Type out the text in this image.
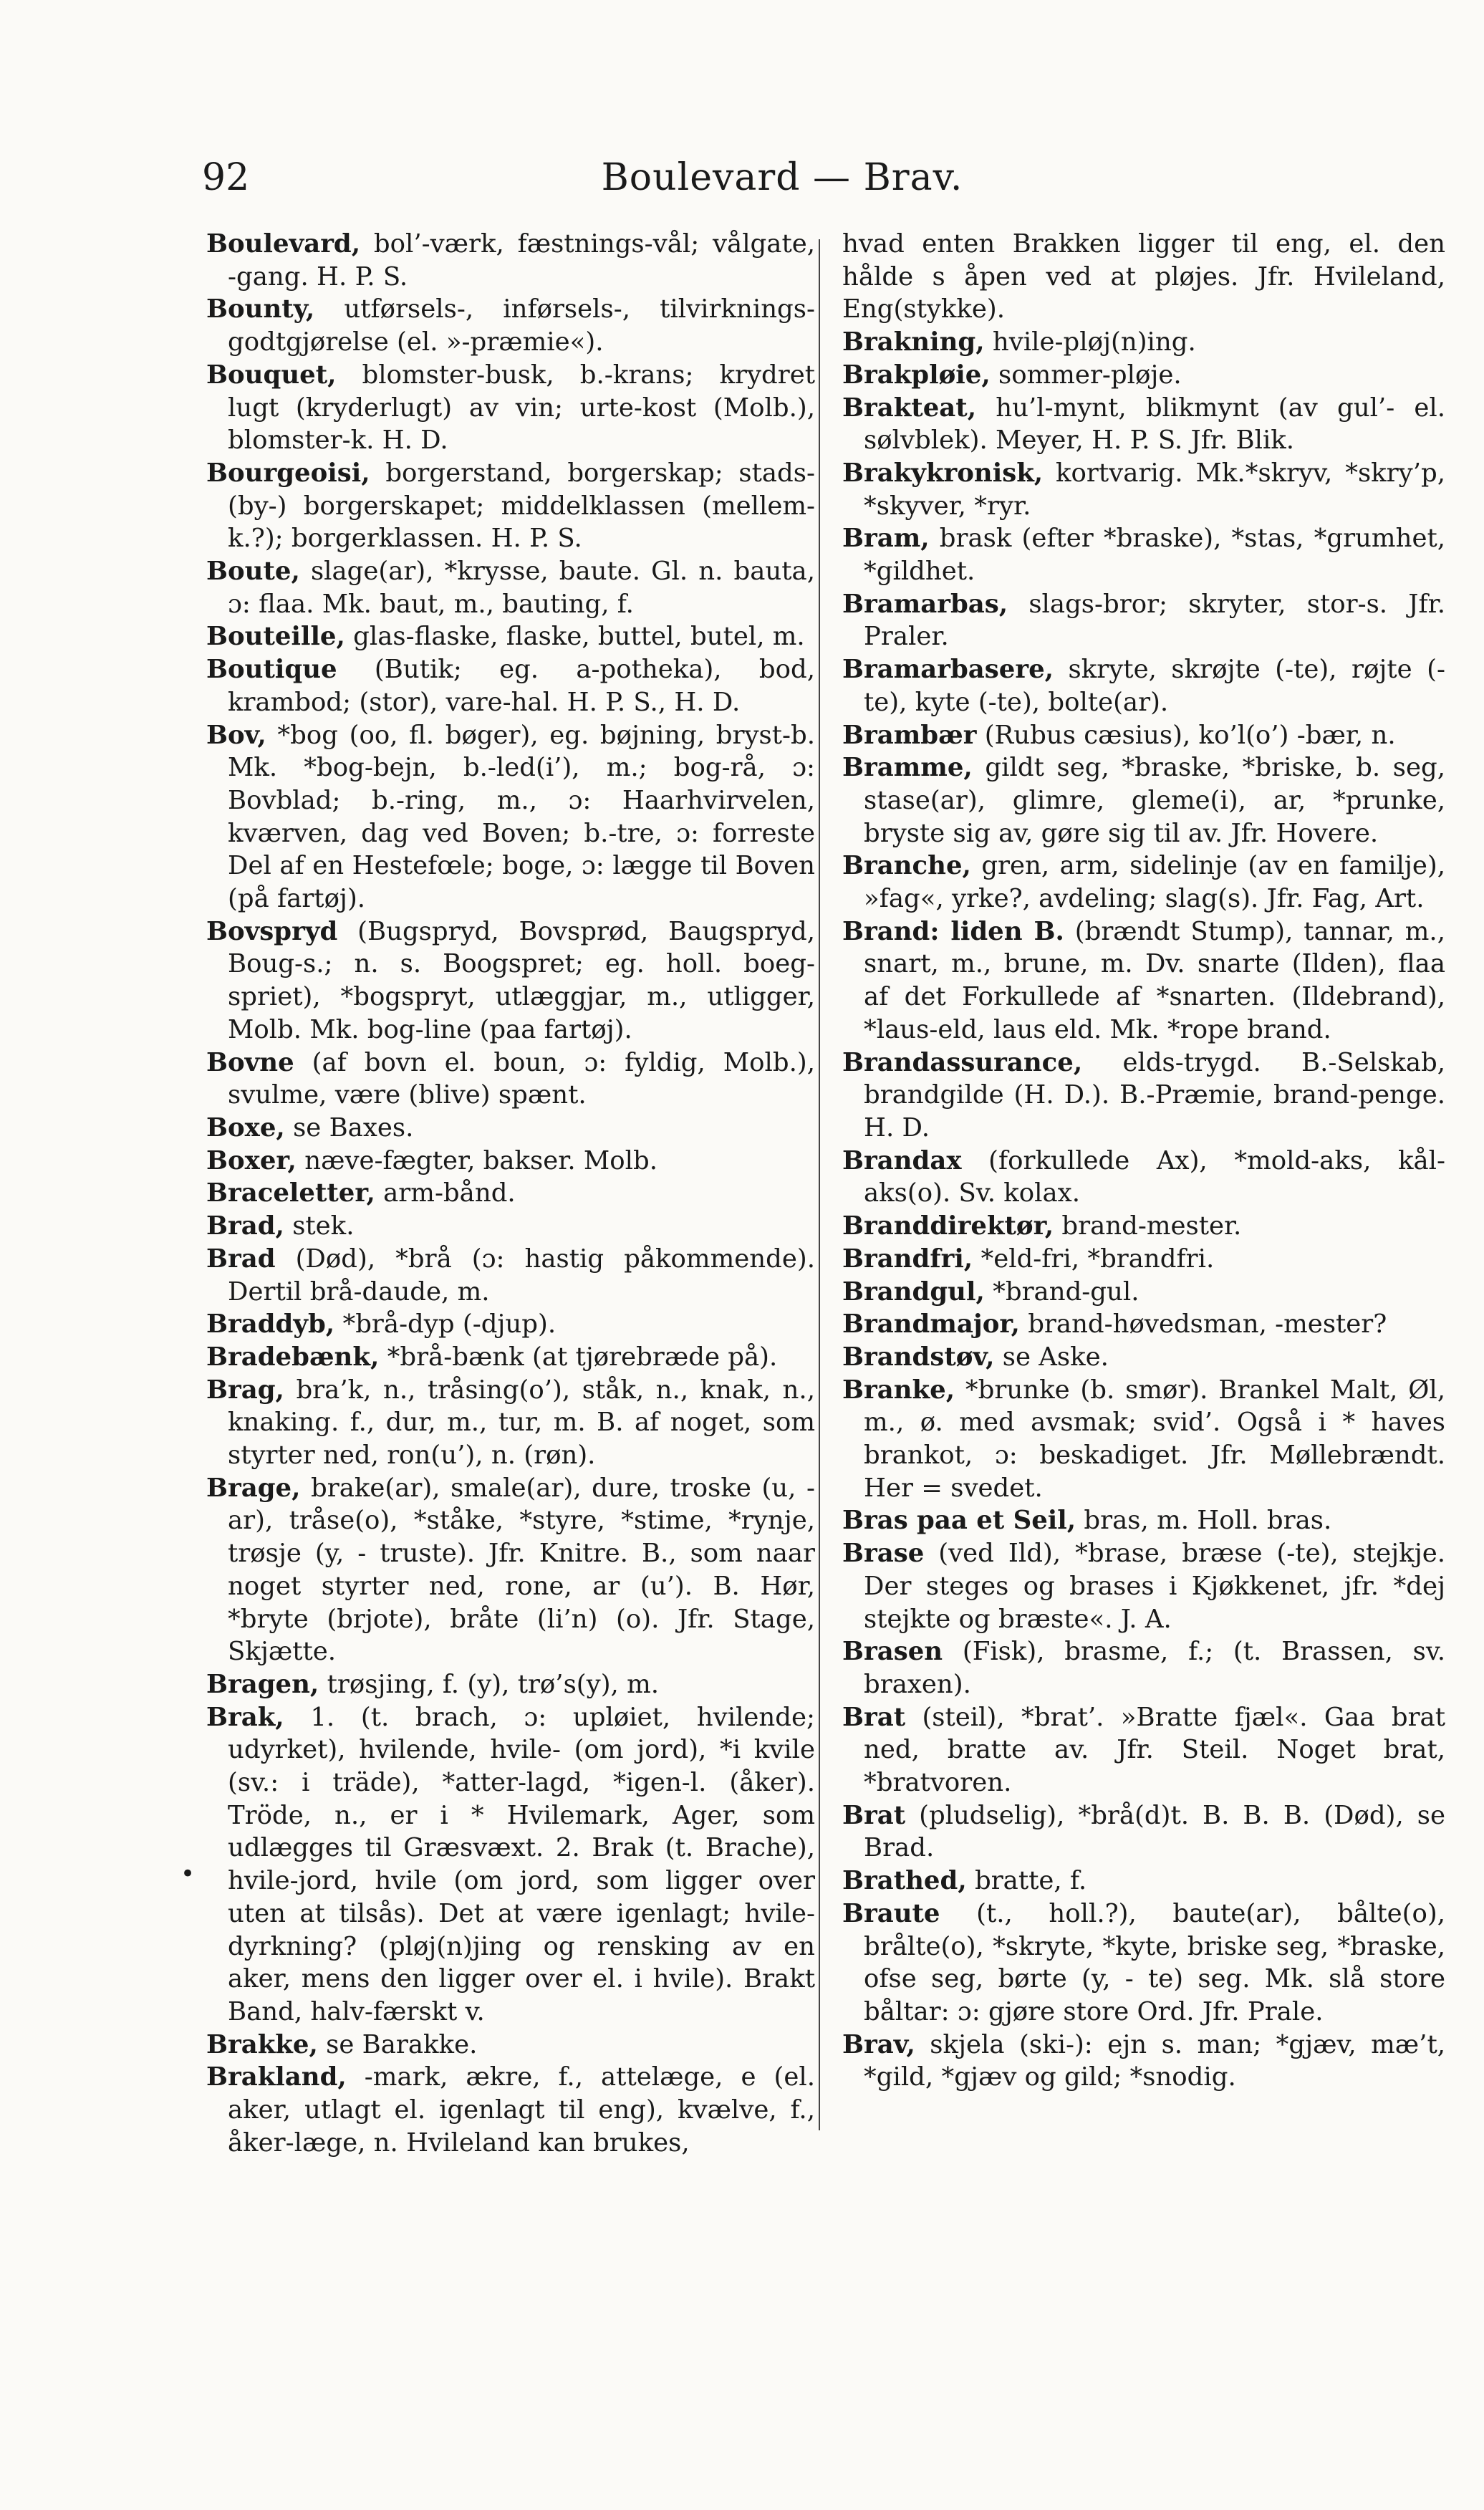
92	Boulevard — Brav.

Boulevard, bol’-værk, fæstnings-vål; vålgate, -gang. H. P. S.

Bounty, utførsels-, inførsels-, tilvirknings-godtgjørelse (el. »-præmie«).

Bouquet, blomster-busk, b.-krans; krydret lugt (kryderlugt) av vin; urte-kost (Molb.), blomster-k. H. D.

Bourgeoisi, borgerstand, borgerskap; stads- (by-) borgerskapet; middelklassen (mellem-k.?); borgerklassen. H. P. S.

Boute, slage(ar), *krysse, baute. Gl. n. bauta, ɔ: flaa. Mk. baut, m., bauting, f.

Bouteille, glas-flaske, flaske, buttel, butel, m.

Boutique (Butik; eg. a-potheka), bod, krambod; (stor), vare-hal. H. P. S., H. D.

Bov, *bog (oo, fl. bøger), eg. bøjning, bryst-b. Mk. *bog-bejn, b.-led(i’), m.; bog-rå, ɔ: Bovblad; b.-ring, m., ɔ: Haarhvirvelen, kværven, dag ved Boven; b.-tre, ɔ: forreste Del af en Hestefœle; boge, ɔ: lægge til Boven (på fartøj).

Bovspryd (Bugspryd, Bovsprød, Baugspryd, Boug-s.; n. s. Boogspret; eg. holl. boeg-spriet), *bogspryt, utlæggjar, m., utligger, Molb. Mk. bog-line (paa fartøj).

Bovne (af bovn el. boun, ɔ: fyldig, Molb.), svulme, være (blive) spænt.

Boxe, se Baxes.

Boxer, næve-fægter, bakser. Molb.

Braceletter, arm-bånd.

Brad, stek.

Brad (Død), *brå (ɔ: hastig påkommende). Dertil brå-daude, m.

Braddyb, *brå-dyp (-djup).

Bradebænk, *brå-bænk (at tjørebræde på).

Brag, bra’k, n., tråsing(o’), ståk, n., knak, n., knaking. f., dur, m., tur, m. B. af noget, som styrter ned, ron(u’), n. (røn).

Brage, brake(ar), smale(ar), dure, troske (u, - ar), tråse(o), *ståke, *styre, *stime, *rynje, trøsje (y, - truste). Jfr. Knitre. B., som naar noget styrter ned, rone, ar (u’). B. Hør, *bryte (brjote), bråte (li’n) (o). Jfr. Stage, Skjætte.

Bragen, trøsjing, f. (y), trø’s(y), m.

Brak, 1. (t. brach, ɔ: upløiet, hvilende; udyrket), hvilende, hvile- (om jord), *i kvile (sv.: i träde), *atter-lagd, *igen-l. (åker). Tröde, n., er i * Hvilemark, Ager, som udlægges til Græsvæxt. 2. Brak (t. Brache), hvile-jord, hvile (om jord, som ligger over uten at tilsås). Det at være igenlagt; hvile-dyrkning? (pløj(n)jing og rensking av en aker, mens den ligger over el. i hvile). Brakt Band, halv-færskt v.

Brakke, se Barakke.

Brakland, -mark, ækre, f., attelæge, e (el. aker, utlagt el. igenlagt til eng), kvælve, f., åker-læge, n. Hvileland kan brukes,

hvad enten Brakken ligger til eng, el. den hålde s åpen ved at pløjes. Jfr. Hvileland, Eng(stykke).

Brakning, hvile-pløj(n)ing.

Brakpløie, sommer-pløje.

Brakteat, hu’l-mynt, blikmynt (av gul’- el. sølvblek). Meyer, H. P. S. Jfr. Blik.

Brakykronisk, kortvarig. Mk.*skryv, *skry’p, *skyver, *ryr.

Bram, brask (efter *braske), *stas, *grumhet, *gildhet.

Bramarbas, slags-bror; skryter, stor-s. Jfr. Praler.

Bramarbasere, skryte, skrøjte (-te), røjte (-te), kyte (-te), bolte(ar).

Brambær (Rubus cæsius), ko’l(o’) -bær, n.

Bramme, gildt seg, *braske, *briske, b. seg, stase(ar), glimre, gleme(i), ar, *prunke, bryste sig av, gøre sig til av. Jfr. Hovere.

Branche, gren, arm, sidelinje (av en familje), »fag«, yrke?, avdeling; slag(s). Jfr. Fag, Art.

Brand: liden B. (brændt Stump), tannar, m., snart, m., brune, m. Dv. snarte (Ilden), flaa af det Forkullede af *snarten. (Ildebrand), *laus-eld, laus eld. Mk. *rope brand.

Brandassurance, elds-trygd. B.-Selskab, brandgilde (H. D.). B.-Præmie, brand-penge. H. D.

Brandax (forkullede Ax), *mold-aks, kål-aks(o). Sv. kolax.

Branddirektør, brand-mester.

Brandfri, *eld-fri, *brandfri.

Brandgul, *brand-gul.

Brandmajor, brand-høvedsman, -mester?

Brandstøv, se Aske.

Branke, *brunke (b. smør). Brankel Malt, Øl, m., ø. med avsmak; svid’. Også i * haves brankot, ɔ: beskadiget. Jfr. Møllebrændt. Her = svedet.

Bras paa et Seil, bras, m. Holl. bras.

Brase (ved Ild), *brase, bræse (-te), stejkje. Der steges og brases i Kjøkkenet, jfr. *dej stejkte og bræste«. J. A.

Brasen (Fisk), brasme, f.; (t. Brassen, sv. braxen).

Brat (steil), *brat’. »Bratte fjæl«. Gaa brat ned, bratte av. Jfr. Steil. Noget brat, *bratvoren.

Brat (pludselig), *brå(d)t. B. B. B. (Død), se Brad.

Brathed, bratte, f.

Braute (t., holl.?), baute(ar), bålte(o), brålte(o), *skryte, *kyte, briske seg, *braske, ofse seg, børte (y, - te) seg. Mk. slå store båltar: ɔ: gjøre store Ord. Jfr. Prale.

Brav, skjela (ski-): ejn s. man; *gjæv, mæ’t, *gild, *gjæv og gild; *snodig.

•
